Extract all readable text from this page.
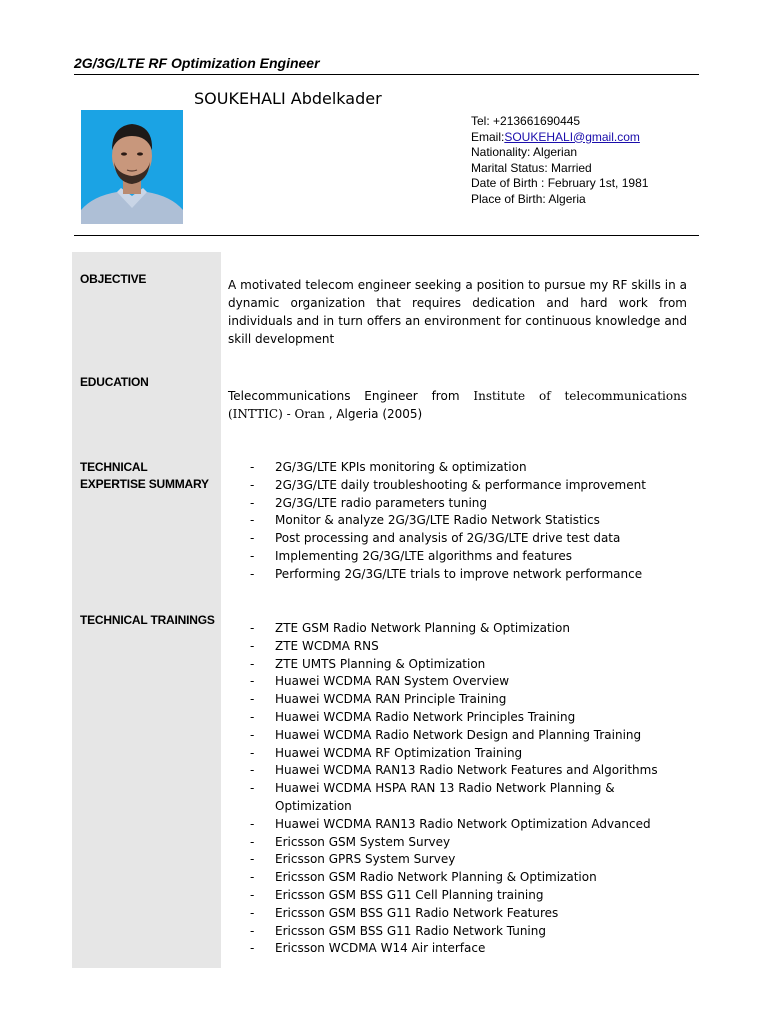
2G/3G/LTE RF Optimization Engineer
SOUKEHALI Abdelkader
Tel: +213661690445
Email:SOUKEHALI@gmail.com
Nationality: Algerian
Marital Status: Married
Date of Birth : February 1st, 1981
Place of Birth: Algeria
OBJECTIVE	A motivated telecom engineer seeking a position to pursue my RF skills in a dynamic organization that requires dedication and hard work from individuals and in turn offers an environment for continuous knowledge and skill development
EDUCATION
Telecommunications Engineer from Institute of telecommunications (INTTIC) - Oran , Algeria (2005)
TECHNICAL
EXPERTISE SUMMARY
- 2G/3G/LTE KPIs monitoring & optimization
- 2G/3G/LTE daily troubleshooting & performance improvement
- 2G/3G/LTE radio parameters tuning
- Monitor & analyze 2G/3G/LTE Radio Network Statistics
- Post processing and analysis of 2G/3G/LTE drive test data
- Implementing 2G/3G/LTE algorithms and features
- Performing 2G/3G/LTE trials to improve network performance
TECHNICAL TRAININGS
- ZTE GSM Radio Network Planning & Optimization
- ZTE WCDMA RNS
- ZTE UMTS Planning & Optimization
- Huawei WCDMA RAN System Overview
- Huawei WCDMA RAN Principle Training
- Huawei WCDMA Radio Network Principles Training
- Huawei WCDMA Radio Network Design and Planning Training
- Huawei WCDMA RF Optimization Training
- Huawei WCDMA RAN13 Radio Network Features and Algorithms
- Huawei WCDMA HSPA RAN 13 Radio Network Planning & Optimization
- Huawei WCDMA RAN13 Radio Network Optimization Advanced
- Ericsson GSM System Survey
- Ericsson GPRS System Survey
- Ericsson GSM Radio Network Planning & Optimization
- Ericsson GSM BSS G11 Cell Planning training
- Ericsson GSM BSS G11 Radio Network Features
- Ericsson GSM BSS G11 Radio Network Tuning
- Ericsson WCDMA W14 Air interface
